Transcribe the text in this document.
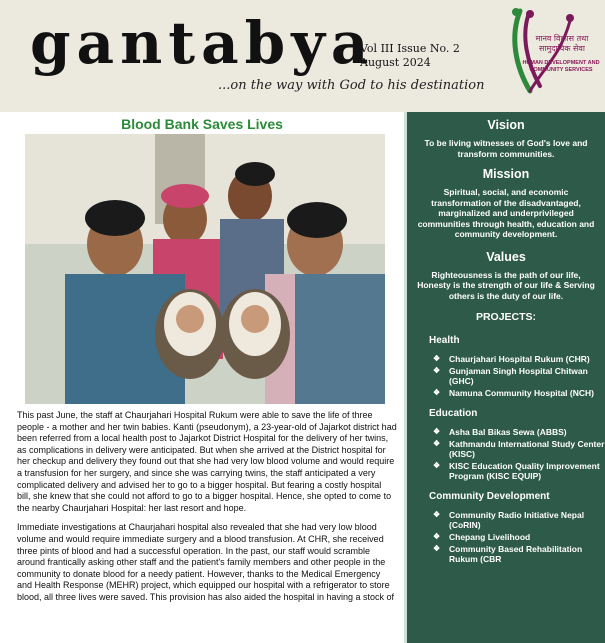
gantabya
...on the way with God to his destination
Vol III Issue No. 2
August 2024
मानव विकास तथा सामुदायिक सेवा
HUMAN DEVELOPMENT AND COMMUNITY SERVICES
Blood Bank Saves Lives

This past June, the staff at Chaurjahari Hospital Rukum were able to save the life of three people - a mother and her twin babies. Kanti (pseudonym), a 23-year-old of Jajarkot district had been referred from a local health post to Jajarkot District Hospital for the delivery of her twins, as complications in delivery were anticipated. But when she arrived at the District hospital for her checkup and delivery they found out that she had very low blood volume and would require a transfusion for her surgery, and since she was carrying twins, the staff anticipated a very complicated delivery and advised her to go to a bigger hospital. But fearing a costly hospital bill, she knew that she could not afford to go to a bigger hospital. Hence, she opted to come to the nearby Chaurjahari Hospital: her last resort and hope.

Immediate investigations at Chaurjahari hospital also revealed that she had very low blood volume and would require immediate surgery and a blood transfusion. At CHR, she received three pints of blood and had a successful operation. In the past, our staff would scramble around frantically asking other staff and the patient's family members and other people in the community to donate blood for a needy patient. However, thanks to the Medical Emergency and Health Response (MEHR) project, which equipped our hospital with a refrigerator to store blood, all three lives were saved. This provision has also aided the hospital in having a stock of

Vision
To be living witnesses of God's love and transform communities.
Mission
Spiritual, social, and economic transformation of the disadvantaged, marginalized and underprivileged communities through health, education and community development.
Values
Righteousness is the path of our life, Honesty is the strength of our life & Serving others is the duty of our life.
PROJECTS:
Health
❖ Chaurjahari Hospital Rukum (CHR)
❖ Gunjaman Singh Hospital Chitwan (GHC)
❖ Namuna Community Hospital (NCH)
Education
❖ Asha Bal Bikas Sewa (ABBS)
❖ Kathmandu International Study Center (KISC)
❖ KISC Education Quality Improvement Program (KISC EQUIP)
Community Development
❖ Community Radio Initiative Nepal (CoRIN)
❖ Chepang Livelihood
❖ Community Based Rehabilitation Rukum (CBR
